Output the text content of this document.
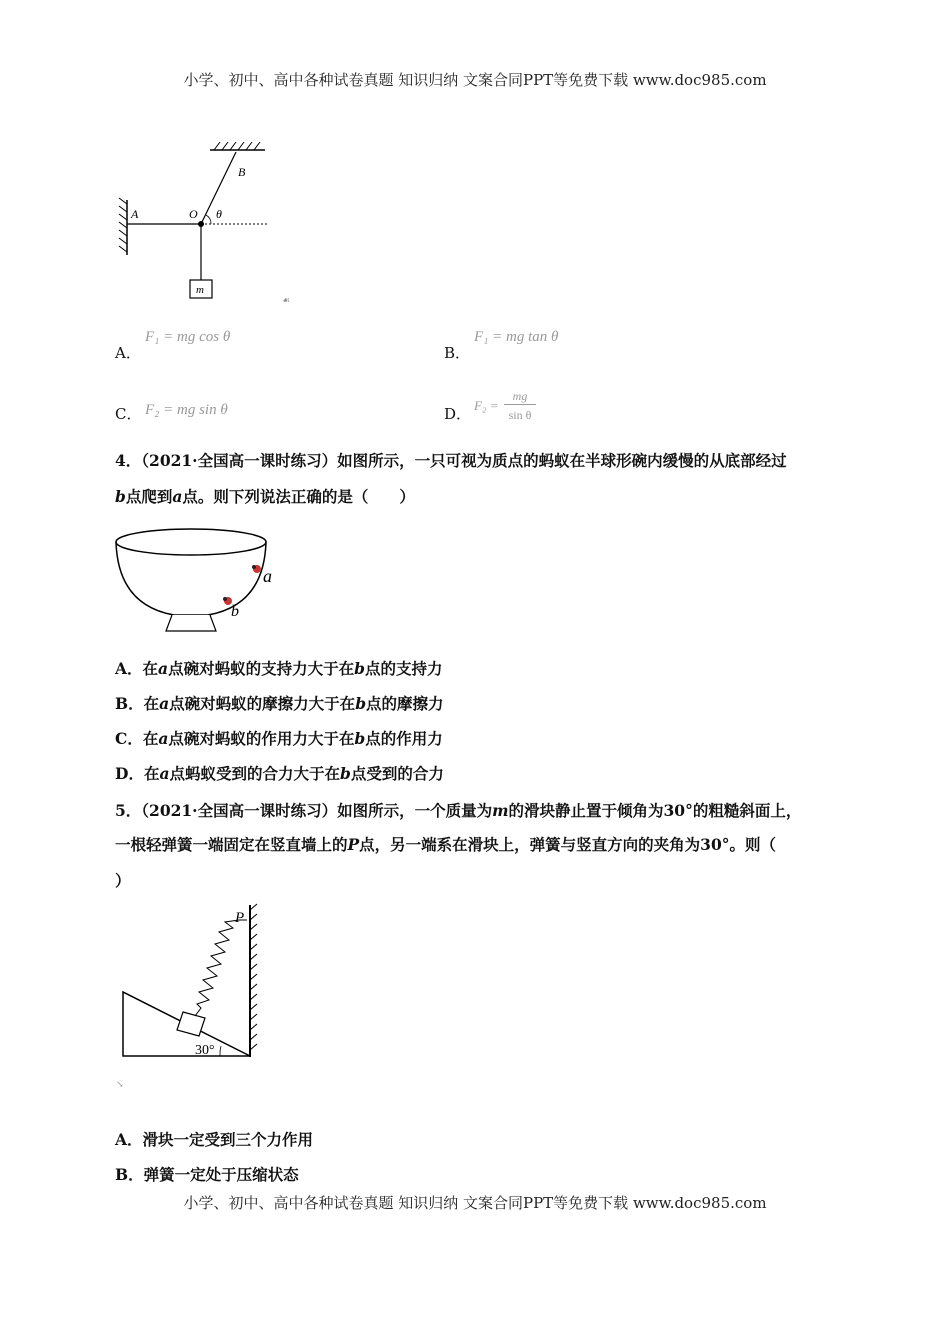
小学、初中、高中各种试卷真题 知识归纳 文案合同PPT等免费下载 www.doc985.com
m
A	O
B
θ
☙
A．
F₁ = mg cos θ
B．
F₁ = mg tan θ
C． F₂ = mg sin θ	D． F₂ =
mg
sin θ
4．（2021·全国高一课时练习）如图所示，一只可视为质点的蚂蚁在半球形碗内缓慢的从底部经过
b点爬到a点。则下列说法正确的是（　　）
a
b
A．在a点碗对蚂蚁的支持力大于在b点的支持力
B．在a点碗对蚂蚁的摩擦力大于在b点的摩擦力
C．在a点碗对蚂蚁的作用力大于在b点的作用力
D．在a点蚂蚁受到的合力大于在b点受到的合力
5．（2021·全国高一课时练习）如图所示，一个质量为m的滑块静止置于倾角为30°的粗糙斜面上，
一根轻弹簧一端固定在竖直墙上的P点，另一端系在滑块上，弹簧与竖直方向的夹角为30°。则（
）
P
30°
↘
A．滑块一定受到三个力作用
B．弹簧一定处于压缩状态
小学、初中、高中各种试卷真题 知识归纳 文案合同PPT等免费下载 www.doc985.com
